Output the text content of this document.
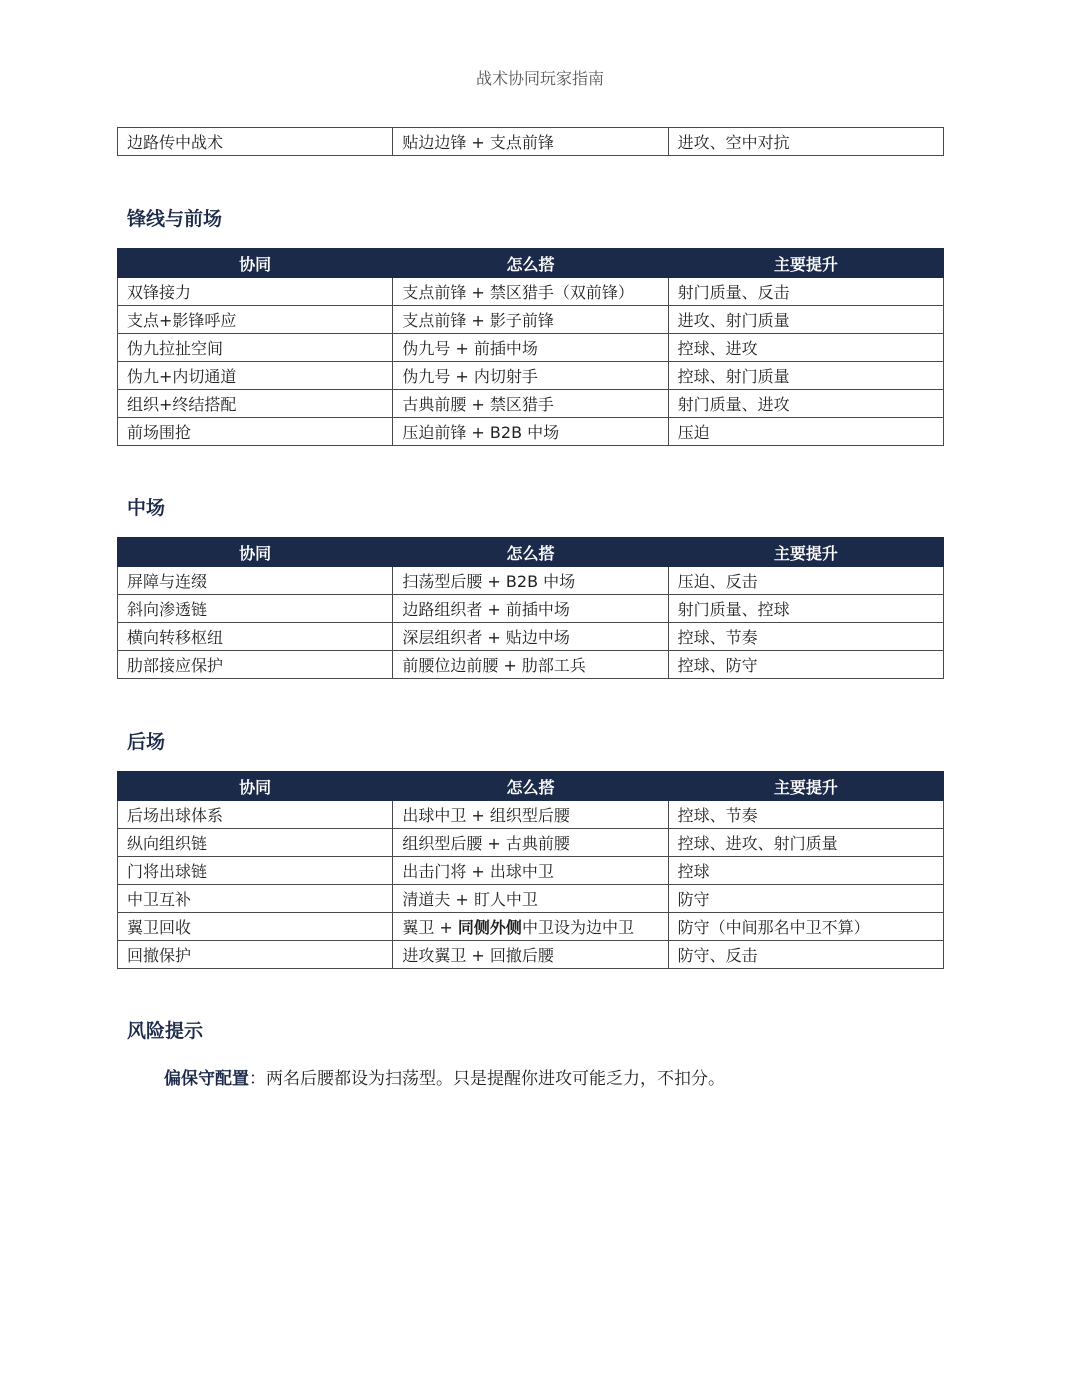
战术协同玩家指南
边路传中战术	贴边边锋 + 支点前锋	进攻、空中对抗
锋线与前场
协同	怎么搭	主要提升
双锋接力	支点前锋 + 禁区猎手（双前锋）	射门质量、反击
支点+影锋呼应	支点前锋 + 影子前锋	进攻、射门质量
伪九拉扯空间	伪九号 + 前插中场	控球、进攻
伪九+内切通道	伪九号 + 内切射手	控球、射门质量
组织+终结搭配	古典前腰 + 禁区猎手	射门质量、进攻
前场围抢	压迫前锋 + B2B 中场	压迫
中场
协同	怎么搭	主要提升
屏障与连缀	扫荡型后腰 + B2B 中场	压迫、反击
斜向渗透链	边路组织者 + 前插中场	射门质量、控球
横向转移枢纽	深层组织者 + 贴边中场	控球、节奏
肋部接应保护	前腰位边前腰 + 肋部工兵	控球、防守
后场
协同	怎么搭	主要提升
后场出球体系	出球中卫 + 组织型后腰	控球、节奏
纵向组织链	组织型后腰 + 古典前腰	控球、进攻、射门质量
门将出球链	出击门将 + 出球中卫	控球
中卫互补	清道夫 + 盯人中卫	防守
翼卫回收	翼卫 + 同侧外侧中卫设为边中卫	防守（中间那名中卫不算）
回撤保护	进攻翼卫 + 回撤后腰	防守、反击
风险提示

偏保守配置：两名后腰都设为扫荡型。只是提醒你进攻可能乏力，不扣分。
